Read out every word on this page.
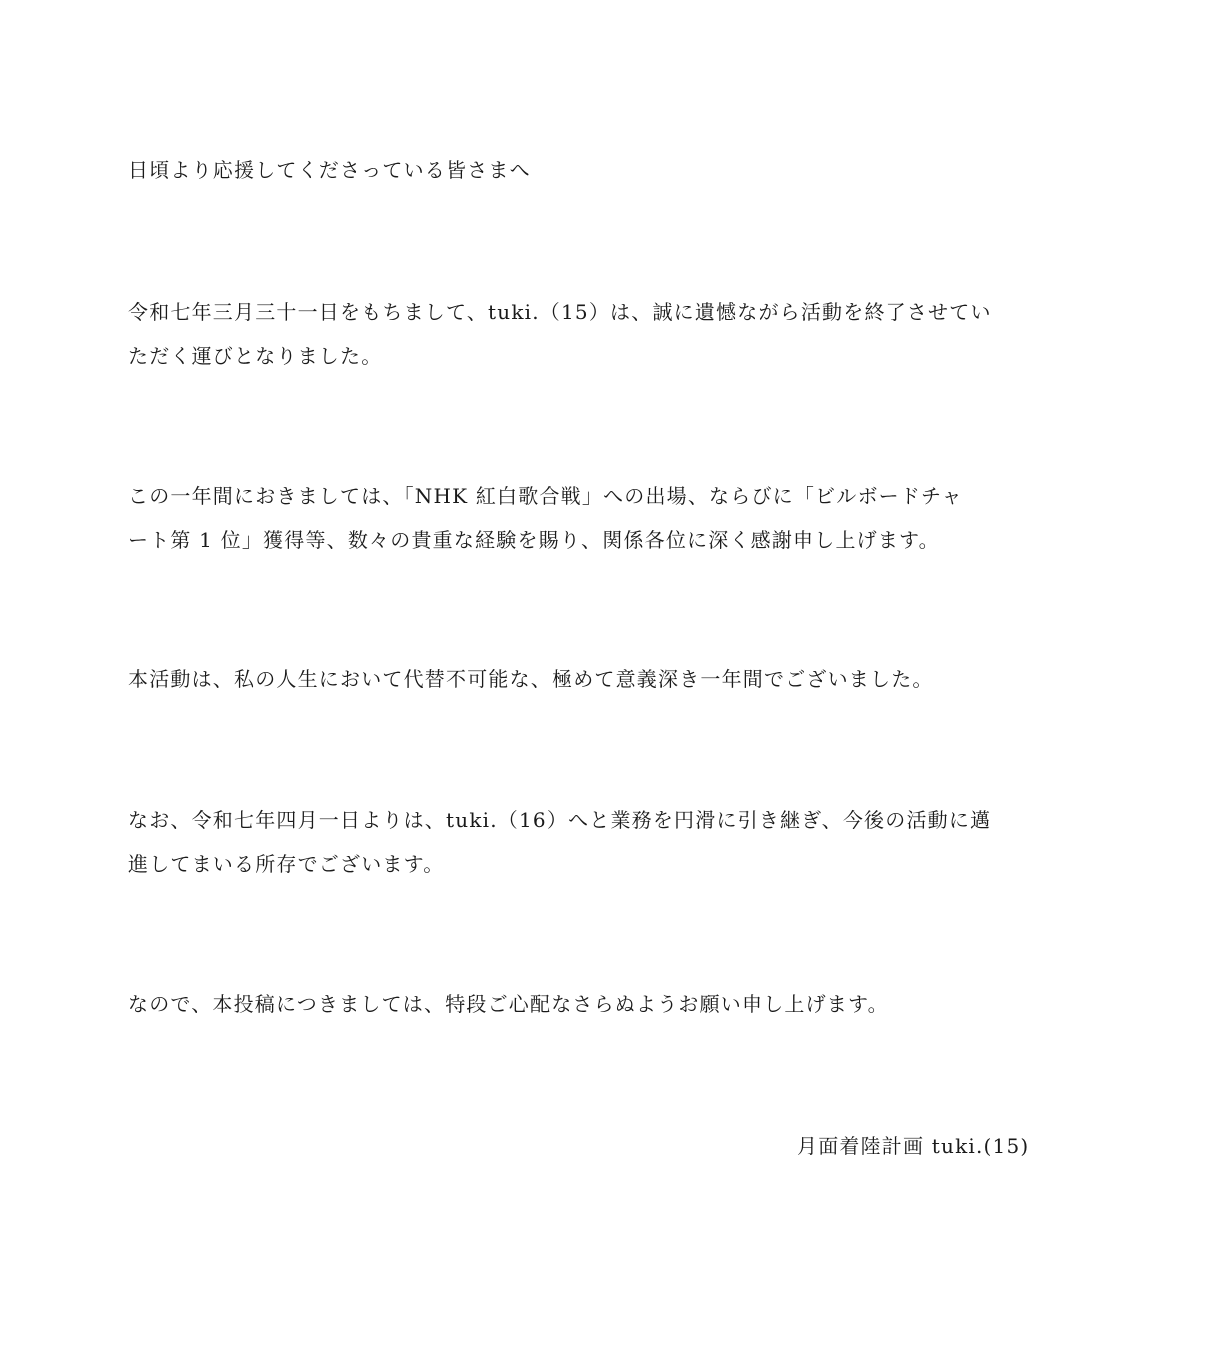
日頃より応援してくださっている皆さまへ

令和七年三月三十一日をもちまして、tuki.（15）は、誠に遺憾ながら活動を終了させてい
ただく運びとなりました。

この一年間におきましては、「NHK 紅白歌合戦」への出場、ならびに「ビルボードチャ
ート第 1 位」獲得等、数々の貴重な経験を賜り、関係各位に深く感謝申し上げます。

本活動は、私の人生において代替不可能な、極めて意義深き一年間でございました。

なお、令和七年四月一日よりは、tuki.（16）へと業務を円滑に引き継ぎ、今後の活動に邁
進してまいる所存でございます。

なので、本投稿につきましては、特段ご心配なさらぬようお願い申し上げます。

月面着陸計画 tuki.(15)
